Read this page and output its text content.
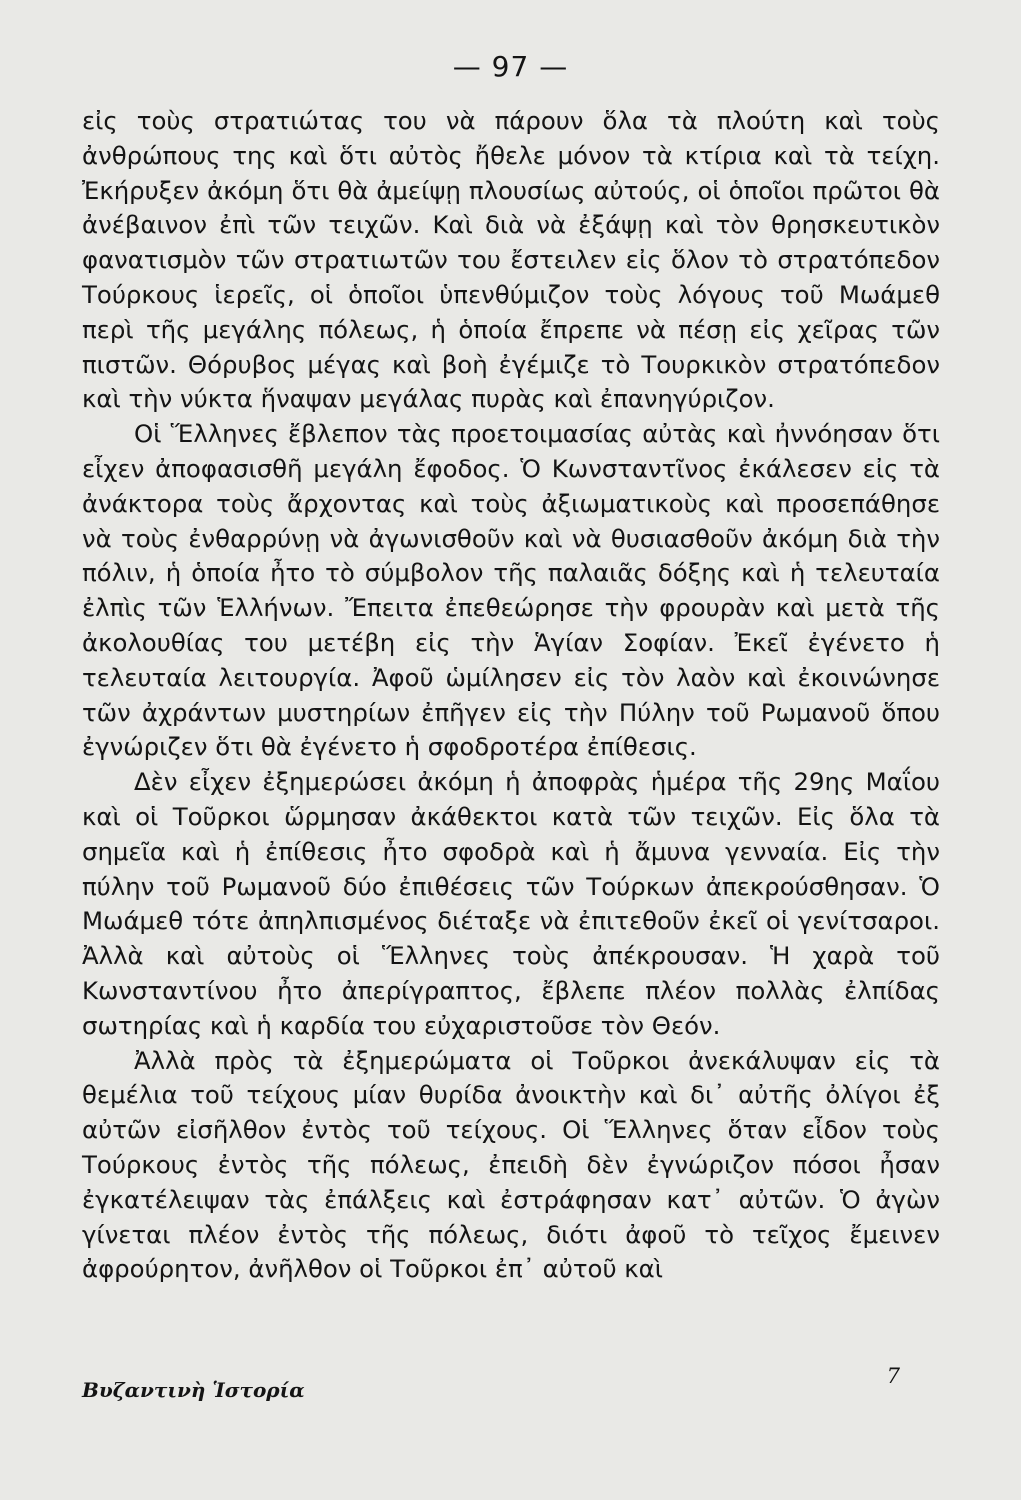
— 97 —

εἰς τοὺς στρατιώτας του νὰ πάρουν ὅλα τὰ πλούτη καὶ τοὺς ἀνθρώπους της καὶ ὅτι αὐτὸς ἤθελε μόνον τὰ κτίρια καὶ τὰ τείχη. Ἐκήρυξεν ἀκόμη ὅτι θὰ ἀμείψῃ πλουσίως αὐτούς, οἱ ὁποῖοι πρῶτοι θὰ ἀνέβαινον ἐπὶ τῶν τειχῶν. Καὶ διὰ νὰ ἐξάψῃ καὶ τὸν θρησκευτικὸν φανατισμὸν τῶν στρατιωτῶν του ἔστειλεν εἰς ὅλον τὸ στρατόπεδον Τούρκους ἱερεῖς, οἱ ὁποῖοι ὑπενθύμιζον τοὺς λόγους τοῦ Μωάμεθ περὶ τῆς μεγάλης πόλεως, ἡ ὁποία ἔπρεπε νὰ πέσῃ εἰς χεῖρας τῶν πιστῶν. Θόρυβος μέγας καὶ βοὴ ἐγέμιζε τὸ Τουρκικὸν στρατόπεδον καὶ τὴν νύκτα ἥναψαν μεγάλας πυρὰς καὶ ἐπανηγύριζον.

Οἱ Ἕλληνες ἔβλεπον τὰς προετοιμασίας αὐτὰς καὶ ἠννόησαν ὅτι εἶχεν ἀποφασισθῆ μεγάλη ἔφοδος. Ὁ Κωνσταντῖνος ἐκάλεσεν εἰς τὰ ἀνάκτορα τοὺς ἄρχοντας καὶ τοὺς ἀξιωματικοὺς καὶ προσεπάθησε νὰ τοὺς ἐνθαρρύνῃ νὰ ἀγωνισθοῦν καὶ νὰ θυσιασθοῦν ἀκόμη διὰ τὴν πόλιν, ἡ ὁποία ἦτο τὸ σύμβολον τῆς παλαιᾶς δόξης καὶ ἡ τελευταία ἐλπὶς τῶν Ἑλλήνων. Ἔπειτα ἐπεθεώρησε τὴν φρουρὰν καὶ μετὰ τῆς ἀκολουθίας του μετέβη εἰς τὴν Ἁγίαν Σοφίαν. Ἐκεῖ ἐγένετο ἡ τελευταία λειτουργία. Ἀφοῦ ὡμίλησεν εἰς τὸν λαὸν καὶ ἐκοινώνησε τῶν ἀχράντων μυστηρίων ἐπῆγεν εἰς τὴν Πύλην τοῦ Ρωμανοῦ ὅπου ἐγνώριζεν ὅτι θὰ ἐγένετο ἡ σφοδροτέρα ἐπίθεσις.

Δὲν εἶχεν ἐξημερώσει ἀκόμη ἡ ἀποφρὰς ἡμέρα τῆς 29ης Μαΐου καὶ οἱ Τοῦρκοι ὥρμησαν ἀκάθεκτοι κατὰ τῶν τειχῶν. Εἰς ὅλα τὰ σημεῖα καὶ ἡ ἐπίθεσις ἦτο σφοδρὰ καὶ ἡ ἄμυνα γενναία. Εἰς τὴν πύλην τοῦ Ρωμανοῦ δύο ἐπιθέσεις τῶν Τούρκων ἀπεκρούσθησαν. Ὁ Μωάμεθ τότε ἀπηλπισμένος διέταξε νὰ ἐπιτεθοῦν ἐκεῖ οἱ γενίτσαροι. Ἀλλὰ καὶ αὐτοὺς οἱ Ἕλληνες τοὺς ἀπέκρουσαν. Ἡ χαρὰ τοῦ Κωνσταντίνου ἦτο ἀπερίγραπτος, ἔβλεπε πλέον πολλὰς ἐλπίδας σωτηρίας καὶ ἡ καρδία του εὐχαριστοῦσε τὸν Θεόν.

Ἀλλὰ πρὸς τὰ ἐξημερώματα οἱ Τοῦρκοι ἀνεκάλυψαν εἰς τὰ θεμέλια τοῦ τείχους μίαν θυρίδα ἀνοικτὴν καὶ δι᾽ αὐτῆς ὀλίγοι ἐξ αὐτῶν εἰσῆλθον ἐντὸς τοῦ τείχους. Οἱ Ἕλληνες ὅταν εἶδον τοὺς Τούρκους ἐντὸς τῆς πόλεως, ἐπειδὴ δὲν ἐγνώριζον πόσοι ἦσαν ἐγκατέλειψαν τὰς ἐπάλξεις καὶ ἐστράφησαν κατ᾽ αὐτῶν. Ὁ ἀγὼν γίνεται πλέον ἐντὸς τῆς πόλεως, διότι ἀφοῦ τὸ τεῖχος ἔμεινεν ἀφρούρητον, ἀνῆλθον οἱ Τοῦρκοι ἐπ᾽ αὐτοῦ καὶ

Βυζαντινὴ Ἱστορία
7
